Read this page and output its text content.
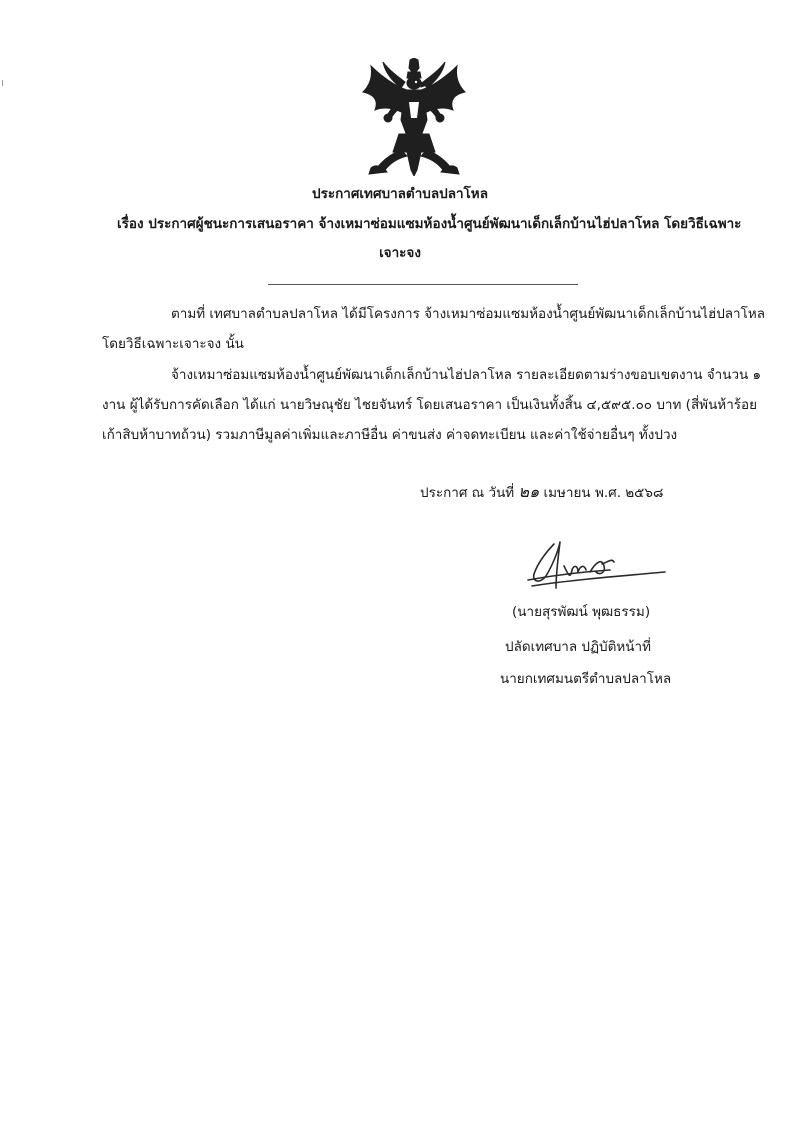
ประกาศเทศบาลตำบลปลาโหล
เรื่อง ประกาศผู้ชนะการเสนอราคา จ้างเหมาซ่อมแซมห้องน้ำศูนย์พัฒนาเด็กเล็กบ้านไฮ่ปลาโหล โดยวิธีเฉพาะ
เจาะจง
ตามที่ เทศบาลตำบลปลาโหล ได้มีโครงการ จ้างเหมาซ่อมแซมห้องน้ำศูนย์พัฒนาเด็กเล็กบ้านไฮ่ปลาโหล
โดยวิธีเฉพาะเจาะจง นั้น
จ้างเหมาซ่อมแซมห้องน้ำศูนย์พัฒนาเด็กเล็กบ้านไฮ่ปลาโหล รายละเอียดตามร่างขอบเขตงาน จำนวน ๑
งาน ผู้ได้รับการคัดเลือก ได้แก่ นายวิษณุชัย ไชยจันทร์ โดยเสนอราคา เป็นเงินทั้งสิ้น ๔,๕๙๕.๐๐ บาท (สี่พันห้าร้อย
เก้าสิบห้าบาทถ้วน) รวมภาษีมูลค่าเพิ่มและภาษีอื่น ค่าขนส่ง ค่าจดทะเบียน และค่าใช้จ่ายอื่นๆ ทั้งปวง
ประกาศ ณ วันที่ ๒๑ เมษายน พ.ศ. ๒๕๖๘
(นายสุรพัฒน์ พุฒธรรม)
ปลัดเทศบาล ปฏิบัติหน้าที่
นายกเทศมนตรีตำบลปลาโหล
